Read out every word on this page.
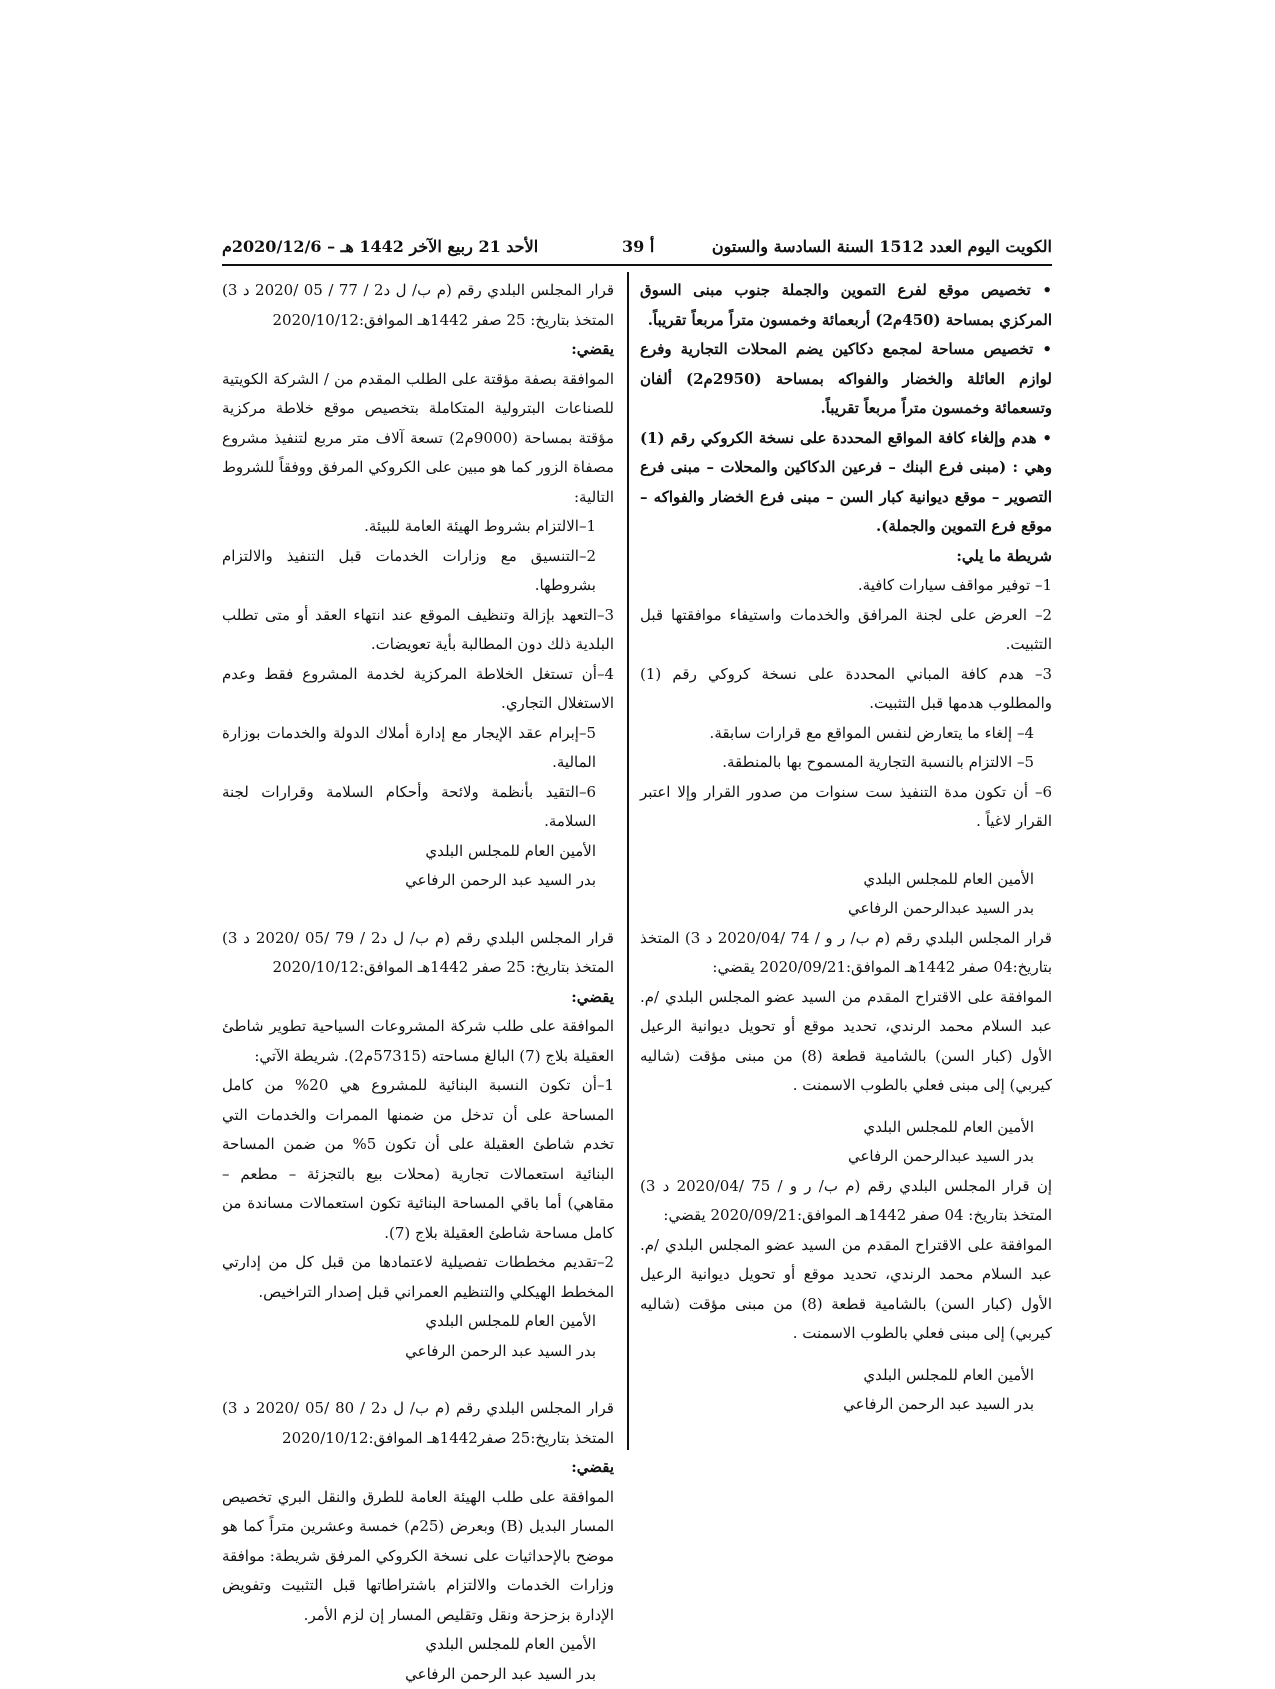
الكويت اليوم العدد 1512 السنة السادسة والستون
أ 39
الأحد 21 ربيع الآخر 1442 هـ – 2020/12/6م

• تخصيص موقع لفرع التموين والجملة جنوب مبنى السوق المركزي بمساحة (450م2) أربعمائة وخمسون متراً مربعاً تقريباً.

• تخصيص مساحة لمجمع دكاكين يضم المحلات التجارية وفرع لوازم العائلة والخضار والفواكه بمساحة (2950م2) ألفان وتسعمائة وخمسون متراً مربعاً تقريباً.

• هدم وإلغاء كافة المواقع المحددة على نسخة الكروكي رقم (1) وهي : (مبنى فرع البنك – فرعين الدكاكين والمحلات – مبنى فرع التصوير – موقع ديوانية كبار السن – مبنى فرع الخضار والفواكه – موقع فرع التموين والجملة).

شريطة ما يلي:

1– توفير مواقف سيارات كافية.

2– العرض على لجنة المرافق والخدمات واستيفاء موافقتها قبل التثبيت.

3– هدم كافة المباني المحددة على نسخة كروكي رقم (1) والمطلوب هدمها قبل التثبيت.

4– إلغاء ما يتعارض لنفس المواقع مع قرارات سابقة.

5– الالتزام بالنسبة التجارية المسموح بها بالمنطقة.

6– أن تكون مدة التنفيذ ست سنوات من صدور القرار وإلا اعتبر القرار لاغياً .

الأمين العام للمجلس البلدي

بدر السيد عبدالرحمن الرفاعي

قرار المجلس البلدي رقم (م ب/ ر و / 74 /2020/04 د 3) المتخذ بتاريخ:04 صفر 1442هـ الموافق:2020/09/21 يقضي:

الموافقة على الاقتراح المقدم من السيد عضو المجلس البلدي /م. عبد السلام محمد الرندي، تحديد موقع أو تحويل ديوانية الرعيل الأول (كبار السن) بالشامية قطعة (8) من مبنى مؤقت (شاليه كيربي) إلى مبنى فعلي بالطوب الاسمنت .

الأمين العام للمجلس البلدي

بدر السيد عبدالرحمن الرفاعي

إن قرار المجلس البلدي رقم (م ب/ ر و / 75 /2020/04 د 3) المتخذ بتاريخ: 04 صفر 1442هـ الموافق:2020/09/21 يقضي:

الموافقة على الاقتراح المقدم من السيد عضو المجلس البلدي /م. عبد السلام محمد الرندي، تحديد موقع أو تحويل ديوانية الرعيل الأول (كبار السن) بالشامية قطعة (8) من مبنى مؤقت (شاليه كيربي) إلى مبنى فعلي بالطوب الاسمنت .

الأمين العام للمجلس البلدي

بدر السيد عبد الرحمن الرفاعي

قرار المجلس البلدي رقم (م ب/ ل د2 / 77 / 05 /2020 د 3) المتخذ بتاريخ: 25 صفر 1442هـ الموافق:2020/10/12

يقضي:

الموافقة بصفة مؤقتة على الطلب المقدم من / الشركة الكويتية للصناعات البترولية المتكاملة بتخصيص موقع خلاطة مركزية مؤقتة بمساحة (9000م2) تسعة آلاف متر مربع لتنفيذ مشروع مصفاة الزور كما هو مبين على الكروكي المرفق ووفقاً للشروط التالية:

1–الالتزام بشروط الهيئة العامة للبيئة.

2–التنسيق مع وزارات الخدمات قبل التنفيذ والالتزام بشروطها.

3–التعهد بإزالة وتنظيف الموقع عند انتهاء العقد أو متى تطلب البلدية ذلك دون المطالبة بأية تعويضات.

4–أن تستغل الخلاطة المركزية لخدمة المشروع فقط وعدم الاستغلال التجاري.

5–إبرام عقد الإيجار مع إدارة أملاك الدولة والخدمات بوزارة المالية.

6–التقيد بأنظمة ولائحة وأحكام السلامة وقرارات لجنة السلامة.

الأمين العام للمجلس البلدي

بدر السيد عبد الرحمن الرفاعي

قرار المجلس البلدي رقم (م ب/ ل د2 / 79 /05 /2020 د 3) المتخذ بتاريخ: 25 صفر 1442هـ الموافق:2020/10/12

يقضي:

الموافقة على طلب شركة المشروعات السياحية تطوير شاطئ العقيلة بلاج (7) البالغ مساحته (57315م2). شريطة الآتي:

1–أن تكون النسبة البنائية للمشروع هي 20% من كامل المساحة على أن تدخل من ضمنها الممرات والخدمات التي تخدم شاطئ العقيلة على أن تكون 5% من ضمن المساحة البنائية استعمالات تجارية (محلات بيع بالتجزئة – مطعم – مقاهي) أما باقي المساحة البنائية تكون استعمالات مساندة من كامل مساحة شاطئ العقيلة بلاج (7).

2–تقديم مخططات تفصيلية لاعتمادها من قبل كل من إدارتي المخطط الهيكلي والتنظيم العمراني قبل إصدار التراخيص.

الأمين العام للمجلس البلدي

بدر السيد عبد الرحمن الرفاعي

قرار المجلس البلدي رقم (م ب/ ل د2 / 80 /05 /2020 د 3) المتخذ بتاريخ:25 صفر1442هـ الموافق:2020/10/12

يقضي:

الموافقة على طلب الهيئة العامة للطرق والنقل البري تخصيص المسار البديل (B) وبعرض (25م) خمسة وعشرين متراً كما هو موضح بالإحداثيات على نسخة الكروكي المرفق شريطة: موافقة وزارات الخدمات والالتزام باشتراطاتها قبل التثبيت وتفويض الإدارة بزحزحة ونقل وتقليص المسار إن لزم الأمر.

الأمين العام للمجلس البلدي

بدر السيد عبد الرحمن الرفاعي
